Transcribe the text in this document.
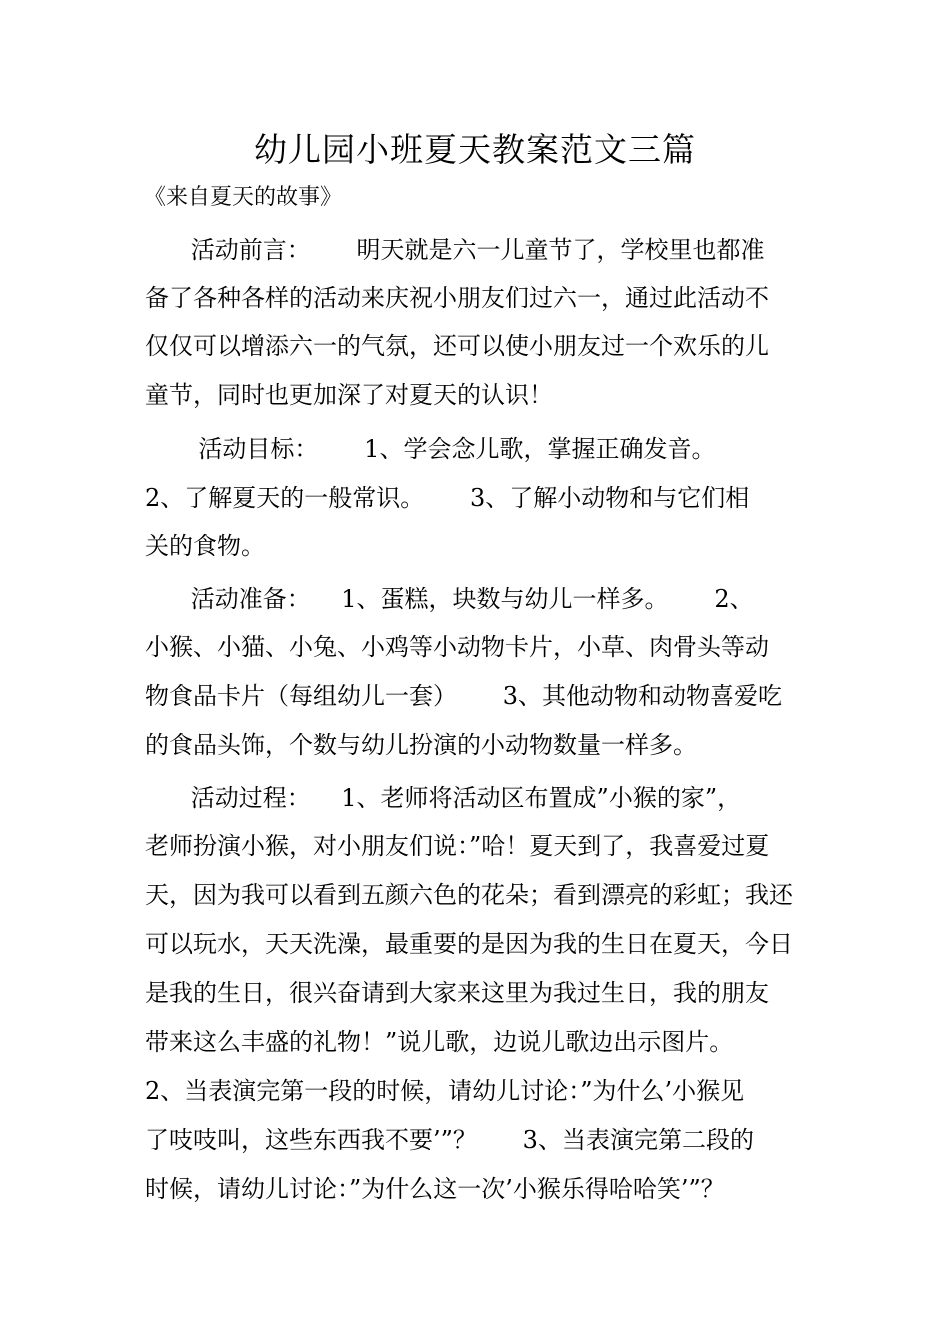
幼儿园小班夏天教案范文三篇
《来自夏天的故事》
活动前言：      明天就是六一儿童节了，学校里也都准
备了各种各样的活动来庆祝小朋友们过六一，通过此活动不
仅仅可以增添六一的气氛，还可以使小朋友过一个欢乐的儿
童节，同时也更加深了对夏天的认识！
活动目标：      1、学会念儿歌，掌握正确发音。
2、了解夏天的一般常识。      3、了解小动物和与它们相
关的食物。
活动准备：    1、蛋糕，块数与幼儿一样多。      2、
小猴、小猫、小兔、小鸡等小动物卡片，小草、肉骨头等动
物食品卡片（每组幼儿一套）      3、其他动物和动物喜爱吃
的食品头饰，个数与幼儿扮演的小动物数量一样多。
活动过程：    1、老师将活动区布置成”小猴的家”，
老师扮演小猴，对小朋友们说：”哈！夏天到了，我喜爱过夏
天，因为我可以看到五颜六色的花朵；看到漂亮的彩虹；我还
可以玩水，天天洗澡，最重要的是因为我的生日在夏天，今日
是我的生日，很兴奋请到大家来这里为我过生日，我的朋友
带来这么丰盛的礼物！”说儿歌，边说儿歌边出示图片。
2、当表演完第一段的时候，请幼儿讨论：”为什么’小猴见
了吱吱叫，这些东西我不要’”？      3、当表演完第二段的
时候，请幼儿讨论：”为什么这一次’小猴乐得哈哈笑’”？
